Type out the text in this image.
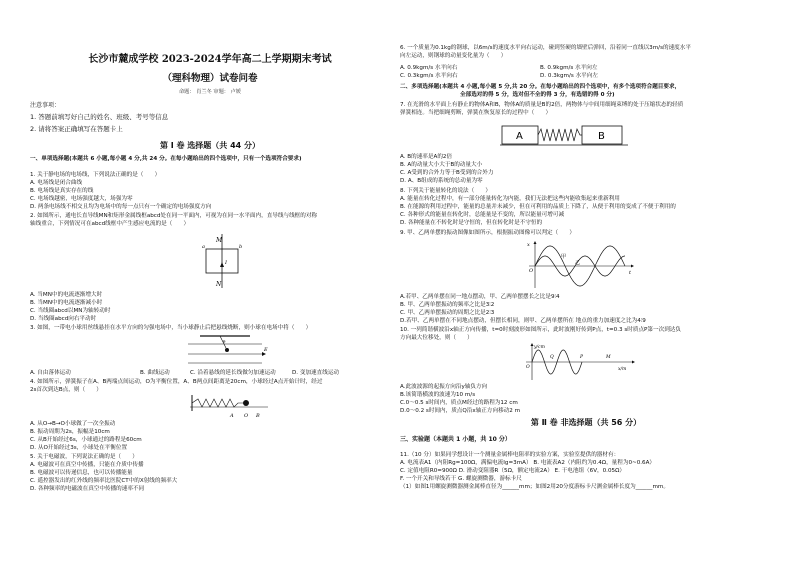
长沙市麓成学校 2023-2024学年高二上学期期末考试
（理科物理）试卷问卷
命题： 肖兰冬 审题： 卢媛
注意事项：
1. 答题前填写好自己的姓名、班级、考号等信息
2. 请将答案正确填写在答题卡上
第 Ⅰ 卷 选择题（共 44 分）
一、单项选择题(本题共 6 小题,每小题 4 分,共 24 分。在每小题给出的四个选项中，只有一个选项符合要求)
1. 关于静电场的电场线，下列说法正确的是（　　）
A. 电场线是闭合曲线
B. 电场线是真实存在的线
C. 电场线越密，电场强度越大，场强为零
D. 两条电场线不相交且均为电场中的每一点只有一个确定的电场强度方向
2. 如图所示，通电长直导线MN和矩形金属线框abcd处在同一平面内，可视为在同一水平面内，直导线与线框的对称
轴线重合，下列情况可在abcd线框中产生感应电流的是（　　）
M
N
a	b
I
A. 当MN中的电流逐渐增大时
B. 当MN中的电流逐渐减小时
C. 当线圈abcd以MN为轴转动时
D. 当线圈abcd向右平动时
3. 如图，一带电小球用丝线悬挂在水平方向的匀强电场中，当小球静止后把悬线烧断，则小球在电场中将（　　）
E
θ
A. 自由落体运动	B. 曲线运动	C. 沿着悬线的延长线做匀加速运动	D. 变加速直线运动
4. 如图所示，弹簧振子在A、B两端点间运动，O为平衡位置，A、B两点间距离是20cm，小球经过A点开始计时，经过
2s首次到达B点，则（　　）
A O B
A. 从O→B→O小球做了一次全振动
B. 振动周期为2s，振幅是10cm
C. 从B开始经过6s，小球通过的路程是60cm
D. 从O开始经过3s，小球处在平衡位置
5. 关于电磁波，下列说法正确的是（　　）
A. 电磁波可在真空中传播，只能在介质中传播
B. 电磁波可以传递信息，也可以传播能量
C. 遥控器发出的红外线的频率比医院CT中的X射线的频率大
D. 各种频率的电磁波在真空中传播的速率不同
6. 一个质量为0.1kg的钢球，以6m/s的速度水平向右运动，碰到竖硬的墙壁后弹回，沿着同一直线以3m/s的速度水平
向左运动，则钢球的动量变化量为（　　）
A. 0.9kgm/s 水平向右	B. 0.9kgm/s 水平向左
C. 0.3kgm/s 水平向右	D. 0.3kgm/s 水平向左
二、多项选择题(本题共 4 小题,每小题 5 分,共 20 分。在每小题给出的四个选项中，有多个选项符合题目要求，
全部选对的得 5 分，选对但不全的得 3 分，有选错的得 0 分)
7. 在光滑的水平面上有静止的物体A和B，物体A的质量是B的2倍，两物体与中间用细绳束缚的处于压缩状态的轻质
弹簧相连。当把细绳剪断，弹簧在恢复原长的过程中（　　）
A	B
A. B的速率是A的2倍
B. A的动量大小大于B的动量大小
C. A受到的合外力等于B受到的合外力
D. A、B组成的系统的总动量为零
8. 下列关于能量转化的说法（　　）
A. 能量在转化过程中，有一部分能量转化为内能，我们无法把这些内能收集起来重新利用
B. 在能源的利用过程中，能量的总量并未减少，但在可利用的品质上下降了，从便于利用的变成了不便于利用的
C. 各种形式的能量在转化时，总能量是不变的，所以能量可增可减
D. 各种能量在不转化时是守恒的，但在转化时是不守恒的
9. 甲、乙两单摆的振动图像如图所示，根据振动图像可以判定（　　）
x
t
O
甲
乙
A.若甲、乙两单摆在同一地点摆动，甲、乙两单摆摆长之比是9∶4
B. 甲、乙两单摆振动的频率之比是3∶2
C. 甲、乙两单摆振动的周期之比是2∶3
D.若甲、乙两单摆在不同地点摆动，但摆长相同，则甲、乙两单摆所在 地点的重力加速度之比为4∶9
10. 一列简谐横波沿x轴正方向传播，t=0时刻波形如图所示，此时波刚好传到P点，t=0.3 s时质点P第一次到达负
方向最大位移处，则（　　）
y/cm
x/m
O
Q	P	M
A.此波波源的起振方向沿y轴负方向
B.该简谐横波的波速为10 m/s
C.0～0.5 s时间内，质点M经过的路程为12 cm
D.0～0.2 s时间内，质点Q沿x轴正方向移动2 m
第 Ⅱ 卷 非选择题（共 56 分）
三、实验题（本题共 1 小题，共 10 分）
11.（10 分）如果同学想设计一个测量金属棒电阻率的实验方案，实验室提供的器材有：
A. 电流表A1（内阻Rg=100Ω，满偏电流Ig=3mA） B. 电流表A2（内阻约为0.4Ω，量程为0~0.6A）
C. 定值电阻R0=900Ω D. 滑动变阻器R（5Ω，额定电流2A） E. 干电池组（6V，0.05Ω）
F. 一个开关和导线若干 G. 螺旋测微器，游标卡尺
（1）如图1用螺旋测微器测金属棒直径为______mm；如图2用20分度游标卡尺测金属棒长度为______mm。
